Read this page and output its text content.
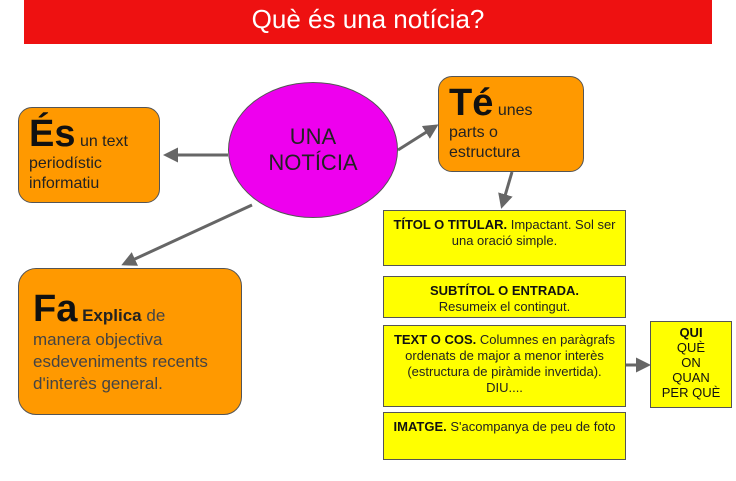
Què és una notícia?
És un text
periodístic
informatiu
UNA
NOTÍCIA
Té unes
parts o
estructura
Fa Explica de
manera objectiva
esdeveniments recents
d'interès general.
TÍTOL O TITULAR. Impactant. Sol ser una oració simple.
SUBTÍTOL O ENTRADA.
Resumeix el contingut.
TEXT O COS. Columnes en paràgrafs ordenats de major a menor interès (estructura de piràmide invertida). DIU....
IMATGE. S'acompanya de peu de foto
QUI
QUÈ
ON
QUAN
PER QUÈ
